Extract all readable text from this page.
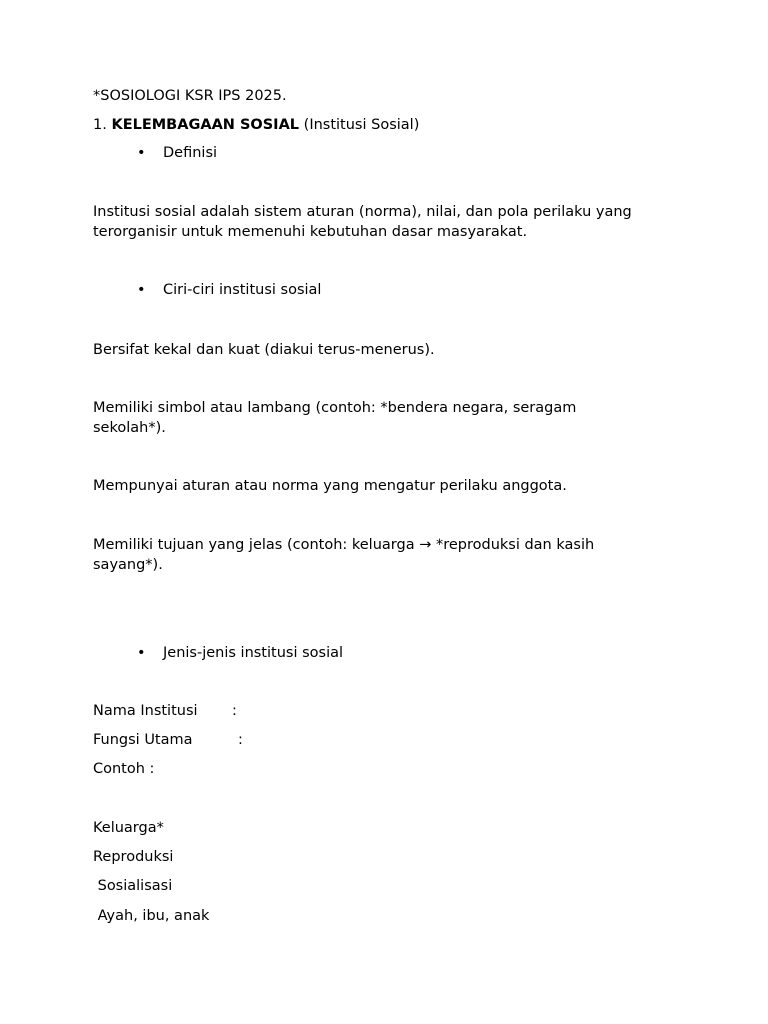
*SOSIOLOGI KSR IPS 2025.
1. KELEMBAGAAN SOSIAL (Institusi Sosial)
• Definisi
Institusi sosial adalah sistem aturan (norma), nilai, dan pola perilaku yang
terorganisir untuk memenuhi kebutuhan dasar masyarakat.
• Ciri-ciri institusi sosial
Bersifat kekal dan kuat (diakui terus-menerus).
Memiliki simbol atau lambang (contoh: *bendera negara, seragam
sekolah*).
Mempunyai aturan atau norma yang mengatur perilaku anggota.
Memiliki tujuan yang jelas (contoh: keluarga → *reproduksi dan kasih
sayang*).
• Jenis-jenis institusi sosial
Nama Institusi :
Fungsi Utama	:
Contoh :
Keluarga*
Reproduksi
Sosialisasi
Ayah, ibu, anak
